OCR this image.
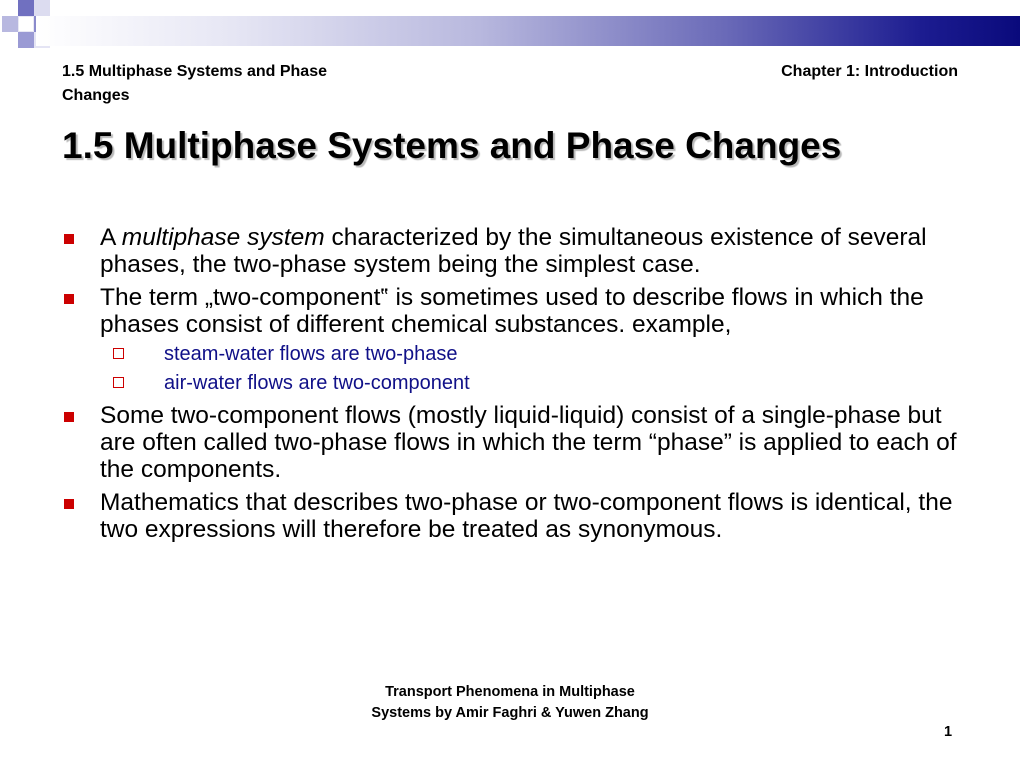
1.5 Multiphase Systems and Phase Changes
Chapter 1: Introduction
1.5 Multiphase Systems and Phase Changes
A multiphase system characterized by the simultaneous existence of several phases, the two-phase system being the simplest case.
The term „two-component‟ is sometimes used to describe flows in which the phases consist of different chemical substances. example,
steam-water flows are two-phase
air-water flows are two-component
Some two-component flows (mostly liquid-liquid) consist of a single-phase but are often called two-phase flows in which the term “phase” is applied to each of the components.
Mathematics that describes two-phase or two-component flows is identical, the two expressions will therefore be treated as synonymous.
Transport Phenomena in Multiphase Systems by Amir Faghri & Yuwen Zhang
1
